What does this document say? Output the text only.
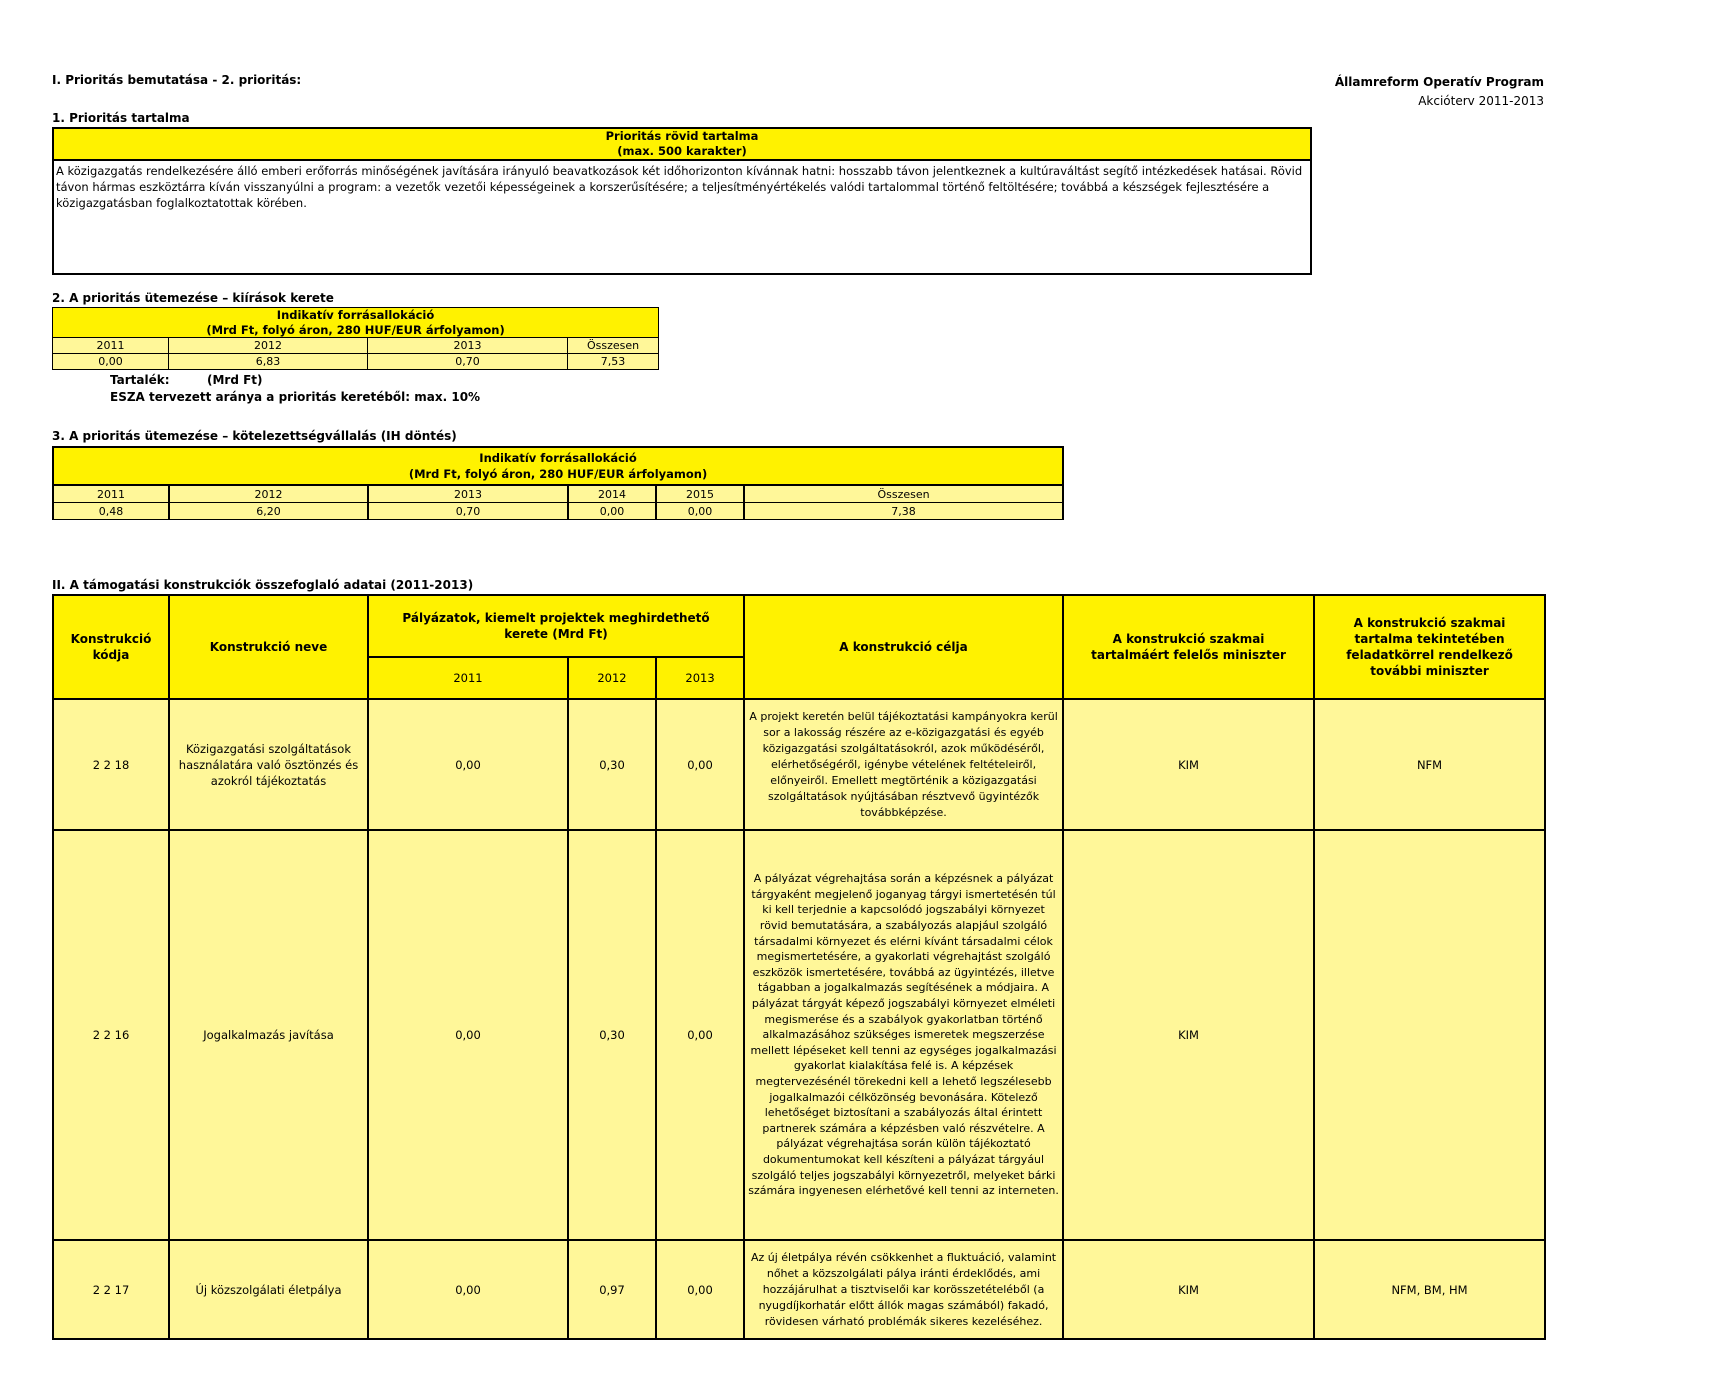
I. Prioritás bemutatása - 2. prioritás:	Államreform Operatív Program
Akcióterv 2011-2013
1. Prioritás tartalma
Prioritás rövid tartalma
(max. 500 karakter)

A közigazgatás rendelkezésére álló emberi erőforrás minőségének javítására irányuló beavatkozások két időhorizonton kívánnak hatni: hosszabb távon jelentkeznek a kultúraváltást segítő intézkedések hatásai. Rövid távon hármas eszköztárra kíván visszanyúlni a program: a vezetők vezetői képességeinek a korszerűsítésére; a teljesítményértékelés valódi tartalommal történő feltöltésére; továbbá a készségek fejlesztésére a közigazgatásban foglalkoztatottak körében.
2. A prioritás ütemezése – kiírások kerete
Indikatív forrásallokáció
(Mrd Ft, folyó áron, 280 HUF/EUR árfolyamon)			

2011	2012	2013	Összesen
0,00	6,83	0,70	7,53
Tartalék:	(Mrd Ft)
ESZA tervezett aránya a prioritás keretéből: max. 10%
3. A prioritás ütemezése – kötelezettségvállalás (IH döntés)
Indikatív forrásallokáció
(Mrd Ft, folyó áron, 280 HUF/EUR árfolyamon)					

2011	2012	2013	2014	2015	Összesen
0,48	6,20	0,70	0,00	0,00	7,38
II. A támogatási konstrukciók összefoglaló adatai (2011-2013)
Konstrukció kódja	Konstrukció neve	Pályázatok, kiemelt projektek meghirdethető kerete (Mrd Ft)			A konstrukció célja	A konstrukció szakmai tartalmáért felelős miniszter	A konstrukció szakmai tartalma tekintetében feladatkörrel rendelkező további miniszter
		2011	2012	2013			
2 2 18	Közigazgatási szolgáltatások használatára való ösztönzés és azokról tájékoztatás	0,00	0,30	0,00	A projekt keretén belül tájékoztatási kampányokra kerül sor a lakosság részére az e-közigazgatási és egyéb közigazgatási szolgáltatásokról, azok működéséről, elérhetőségéről, igénybe vételének feltételeiről, előnyeiről. Emellett megtörténik a közigazgatási szolgáltatások nyújtásában résztvevő ügyintézők továbbképzése.	KIM	NFM
2 2 16	Jogalkalmazás javítása	0,00	0,30	0,00	A pályázat végrehajtása során a képzésnek a pályázat tárgyaként megjelenő joganyag tárgyi ismertetésén túl ki kell terjednie a kapcsolódó jogszabályi környezet rövid bemutatására, a szabályozás alapjául szolgáló társadalmi környezet és elérni kívánt társadalmi célok megismertetésére, a gyakorlati végrehajtást szolgáló eszközök ismertetésére, továbbá az ügyintézés, illetve tágabban a jogalkalmazás segítésének a módjaira. A pályázat tárgyát képező jogszabályi környezet elméleti megismerése és a szabályok gyakorlatban történő alkalmazásához szükséges ismeretek megszerzése mellett lépéseket kell tenni az egységes jogalkalmazási gyakorlat kialakítása felé is. A képzések megtervezésénél törekedni kell a lehető legszélesebb jogalkalmazói célközönség bevonására. Kötelező lehetőséget biztosítani a szabályozás által érintett partnerek számára a képzésben való részvételre. A pályázat végrehajtása során külön tájékoztató dokumentumokat kell készíteni a pályázat tárgyául szolgáló teljes jogszabályi környezetről, melyeket bárki számára ingyenesen elérhetővé kell tenni az interneten.	KIM	
2 2 17	Új közszolgálati életpálya	0,00	0,97	0,00	Az új életpálya révén csökkenhet a fluktuáció, valamint nőhet a közszolgálati pálya iránti érdeklődés, ami hozzájárulhat a tisztviselői kar korösszetételéből (a nyugdíjkorhatár előtt állók magas számából) fakadó, rövidesen várható problémák sikeres kezeléséhez.	KIM	NFM, BM, HM
